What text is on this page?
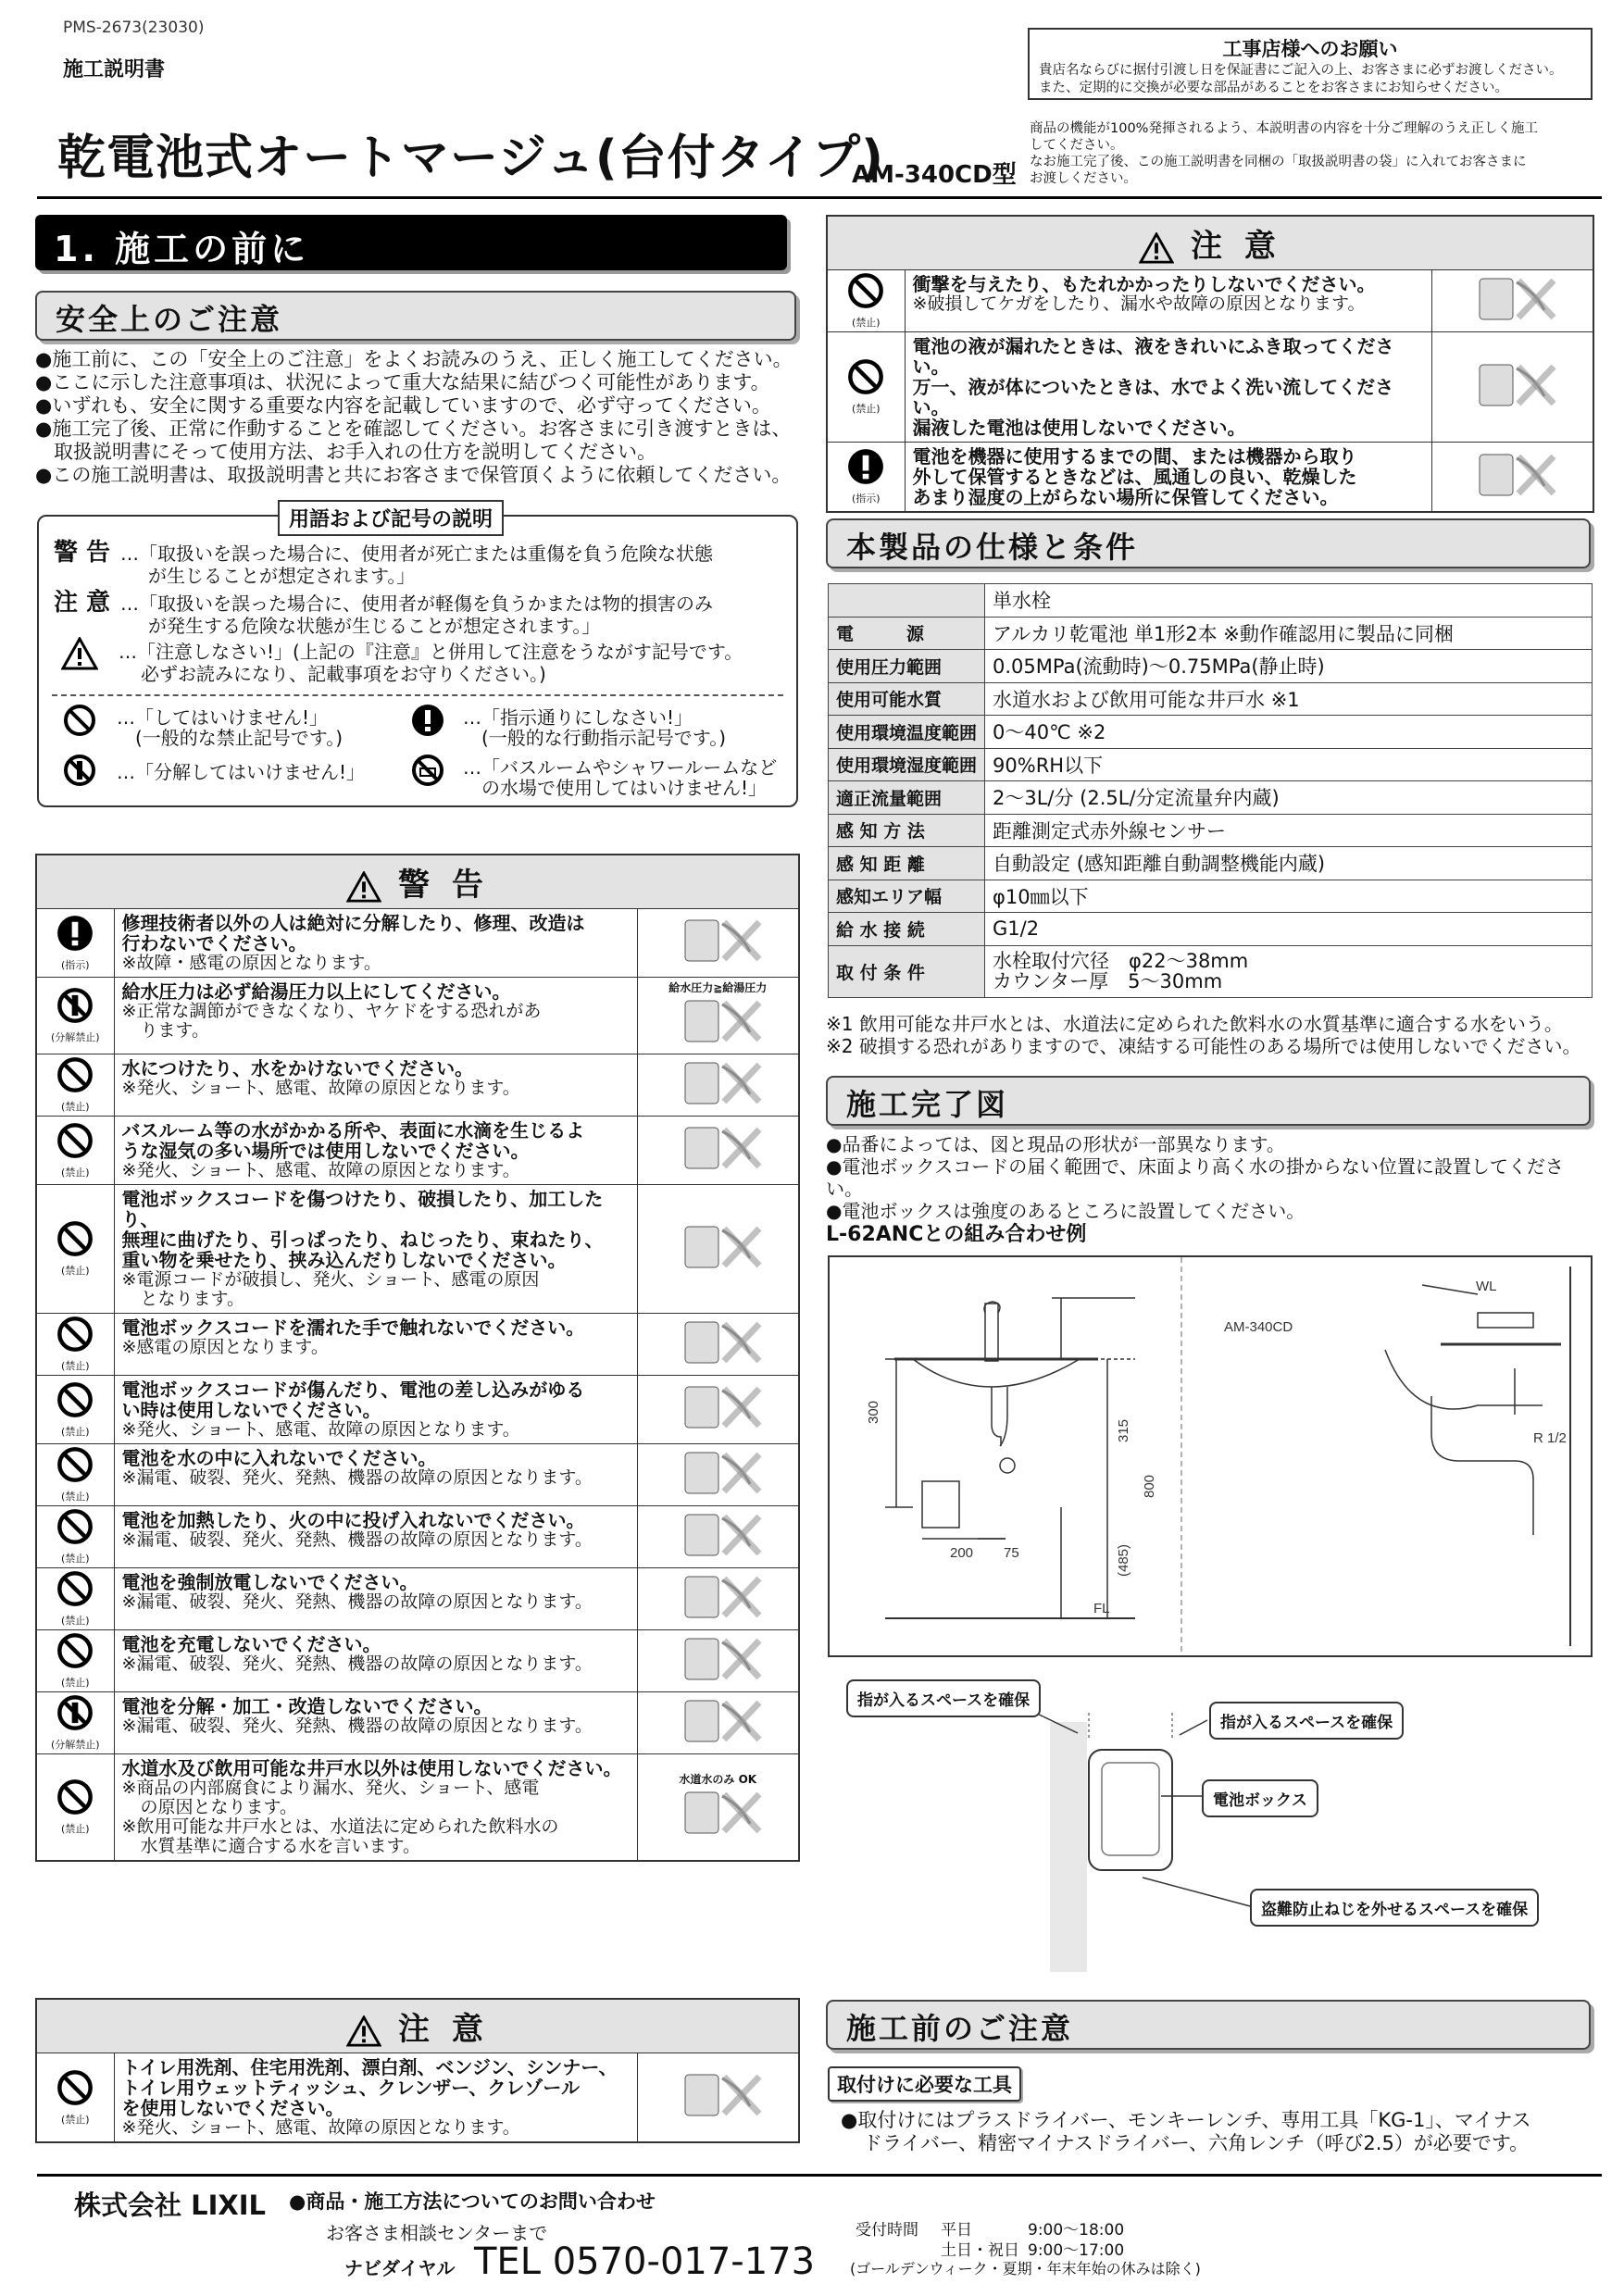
PMS-2673(23030)
施工説明書
乾電池式オートマージュ(台付タイプ)
AM-340CD型
工事店様へのお願い
貴店名ならびに据付引渡し日を保証書にご記入の上、お客さまに必ずお渡しください。
また、定期的に交換が必要な部品があることをお客さまにお知らせください。
商品の機能が100%発揮されるよう、本説明書の内容を十分ご理解のうえ正しく施工
してください。
なお施工完了後、この施工説明書を同梱の「取扱説明書の袋」に入れてお客さまに
お渡しください。
1. 施工の前に
安全上のご注意
●施工前に、この「安全上のご注意」をよくお読みのうえ、正しく施工してください。
●ここに示した注意事項は、状況によって重大な結果に結びつく可能性があります。
●いずれも、安全に関する重要な内容を記載していますので、必ず守ってください。
●施工完了後、正常に作動することを確認してください。お客さまに引き渡すときは、
取扱説明書にそって使用方法、お手入れの仕方を説明してください。
●この施工説明書は、取扱説明書と共にお客さまで保管頂くように依頼してください。
用語および記号の説明
警 告 …「取扱いを誤った場合に、使用者が死亡または重傷を負う危険な状態
が生じることが想定されます。」
注 意 …「取扱いを誤った場合に、使用者が軽傷を負うかまたは物的損害のみ
が発生する危険な状態が生じることが想定されます。」
…「注意しなさい!」(上記の『注意』と併用して注意をうながす記号です。
必ずお読みになり、記載事項をお守りください。)
…「してはいけません!」
(一般的な禁止記号です。)
…「指示通りにしなさい!」
(一般的な行動指示記号です。)
…「分解してはいけません!」	…「バスルームやシャワールームなど
の水場で使用してはいけません!」
警 告		

(指示)	修理技術者以外の人は絶対に分解したり、修理、改造は
行わないでください。
※故障・感電の原因となります。

(分解禁止)	給水圧力は必ず給湯圧力以上にしてください。
※正常な調節ができなくなり、ヤケドをする恐れがあ
ります。	給水圧力≧給湯圧力

(禁止)	水につけたり、水をかけないでください。
※発火、ショート、感電、故障の原因となります。

(禁止)	バスルーム等の水がかかる所や、表面に水滴を生じるよ
うな湿気の多い場所では使用しないでください。
※発火、ショート、感電、故障の原因となります。

(禁止)	電池ボックスコードを傷つけたり、破損したり、加工したり、
無理に曲げたり、引っぱったり、ねじったり、束ねたり、
重い物を乗せたり、挟み込んだりしないでください。
※電源コードが破損し、発火、ショート、感電の原因
となります。

(禁止)	電池ボックスコードを濡れた手で触れないでください。
※感電の原因となります。

(禁止)	電池ボックスコードが傷んだり、電池の差し込みがゆる
い時は使用しないでください。
※発火、ショート、感電、故障の原因となります。

(禁止)	電池を水の中に入れないでください。
※漏電、破裂、発火、発熱、機器の故障の原因となります。

(禁止)	電池を加熱したり、火の中に投げ入れないでください。
※漏電、破裂、発火、発熱、機器の故障の原因となります。

(禁止)	電池を強制放電しないでください。
※漏電、破裂、発火、発熱、機器の故障の原因となります。

(禁止)	電池を充電しないでください。
※漏電、破裂、発火、発熱、機器の故障の原因となります。

(分解禁止)	電池を分解・加工・改造しないでください。
※漏電、破裂、発火、発熱、機器の故障の原因となります。

(禁止)	水道水及び飲用可能な井戸水以外は使用しないでください。
※商品の内部腐食により漏水、発火、ショート、感電
の原因となります。
※飲用可能な井戸水とは、水道法に定められた飲料水の
水質基準に適合する水を言います。	水道水のみ OK
注 意

(禁止)

トイレ用洗剤、住宅用洗剤、漂白剤、ベンジン、シンナー、
トイレ用ウェットティッシュ、クレンザー、クレゾール
を使用しないでください。
※発火、ショート、感電、故障の原因となります。

注 意		

(禁止)	衝撃を与えたり、もたれかかったりしないでください。
※破損してケガをしたり、漏水や故障の原因となります。

(禁止)	電池の液が漏れたときは、液をきれいにふき取ってください。
万一、液が体についたときは、水でよく洗い流してください。
漏液した電池は使用しないでください。

(指示)	電池を機器に使用するまでの間、または機器から取り
外して保管するときなどは、風通しの良い、乾燥した
あまり湿度の上がらない場所に保管してください。

本製品の仕様と条件
	単水栓
電　　　源	アルカリ乾電池 単1形2本 ※動作確認用に製品に同梱
使用圧力範囲	0.05MPa(流動時)～0.75MPa(静止時)
使用可能水質	水道水および飲用可能な井戸水 ※1
使用環境温度範囲	0～40℃ ※2
使用環境湿度範囲	90%RH以下
適正流量範囲	2～3L/分 (2.5L/分定流量弁内蔵)
感 知 方 法	距離測定式赤外線センサー
感 知 距 離	自動設定 (感知距離自動調整機能内蔵)
感知エリア幅	φ10㎜以下
給 水 接 続	G1/2
取 付 条 件	水栓取付穴径　φ22～38mm
カウンター厚　5～30mm
※1 飲用可能な井戸水とは、水道法に定められた飲料水の水質基準に適合する水をいう。
※2 破損する恐れがありますので、凍結する可能性のある場所では使用しないでください。
施工完了図
●品番によっては、図と現品の形状が一部異なります。
●電池ボックスコードの届く範囲で、床面より高く水の掛からない位置に設置してください。
●電池ボックスは強度のあるところに設置してください。
L-62ANCとの組み合わせ例
300
315
800
(485)
200 75
FL
WL
AM-340CD
R 1/2
指が入るスペースを確保
指が入るスペースを確保
電池ボックス
盗難防止ねじを外せるスペースを確保
施工前のご注意
取付けに必要な工具
●取付けにはプラスドライバー、モンキーレンチ、専用工具「KG-1」、マイナス
ドライバー、精密マイナスドライバー、六角レンチ（呼び2.5）が必要です。
株式会社 LIXIL ●商品・施工方法についてのお問い合わせ
お客さま相談センターまで
ナビダイヤル TEL 0570-017-173
受付時間 平日	9:00～18:00
土日・祝日 9:00～17:00
(ゴールデンウィーク・夏期・年末年始の休みは除く)
